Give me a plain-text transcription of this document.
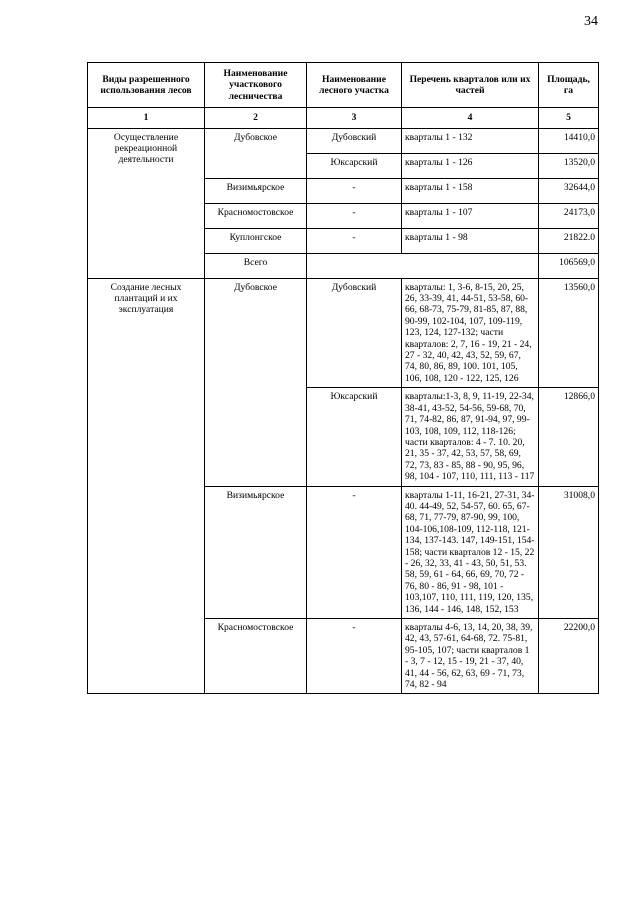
34
Виды разрешенного использования лесов	Наименование участкового лесничества	Наименование лесного участка	Перечень кварталов или их частей	Площадь, га
1	2	3	4	5
Осуществление рекреационной деятельности	Дубовское	Дубовский	кварталы 1 - 132	14410,0
		Юксарский	кварталы 1 - 126	13520,0
	Визимьярское	-	кварталы 1 - 158	32644,0
	Красномостовское	-	кварталы 1 - 107	24173,0
	Куплонгское	-	кварталы 1 - 98	21822.0
	Всего			106569,0
Создание лесных плантаций и их эксплуатация	Дубовское	Дубовский	кварталы: 1, 3-6, 8-15, 20, 25, 26, 33-39, 41, 44-51, 53-58, 60-66, 68-73, 75-79, 81-85, 87, 88, 90-99, 102-104, 107, 109-119, 123, 124, 127-132; части кварталов: 2, 7, 16 - 19, 21 - 24, 27 - 32, 40, 42, 43, 52, 59, 67, 74, 80, 86, 89, 100. 101, 105, 106, 108, 120 - 122, 125, 126	13560,0
		Юксарский	кварталы:1-3, 8, 9, 11-19, 22-34, 38-41, 43-52, 54-56, 59-68, 70, 71, 74-82, 86, 87, 91-94, 97, 99-103, 108, 109, 112, 118-126; части кварталов: 4 - 7. 10. 20, 21, 35 - 37, 42, 53, 57, 58, 69, 72, 73, 83 - 85, 88 - 90, 95, 96, 98, 104 - 107, 110, 111, 113 - 117	12866,0
	Визимьярское	-	кварталы 1-11, 16-21, 27-31, 34-40. 44-49, 52, 54-57, 60. 65, 67-68, 71, 77-79, 87-90, 99, 100, 104-106,108-109, 112-118, 121-134, 137-143. 147, 149-151, 154-158; части кварталов 12 - 15, 22 - 26, 32, 33, 41 - 43, 50, 51, 53. 58, 59, 61 - 64, 66, 69, 70, 72 - 76, 80 - 86, 91 - 98, 101 - 103,107, 110, 111, 119, 120, 135, 136, 144 - 146, 148, 152, 153	31008,0
	Красномостовское	-	кварталы 4-6, 13, 14, 20, 38, 39, 42, 43, 57-61, 64-68, 72. 75-81, 95-105, 107; части кварталов 1 - 3, 7 - 12, 15 - 19, 21 - 37, 40, 41, 44 - 56, 62, 63, 69 - 71, 73, 74, 82 - 94	22200,0
